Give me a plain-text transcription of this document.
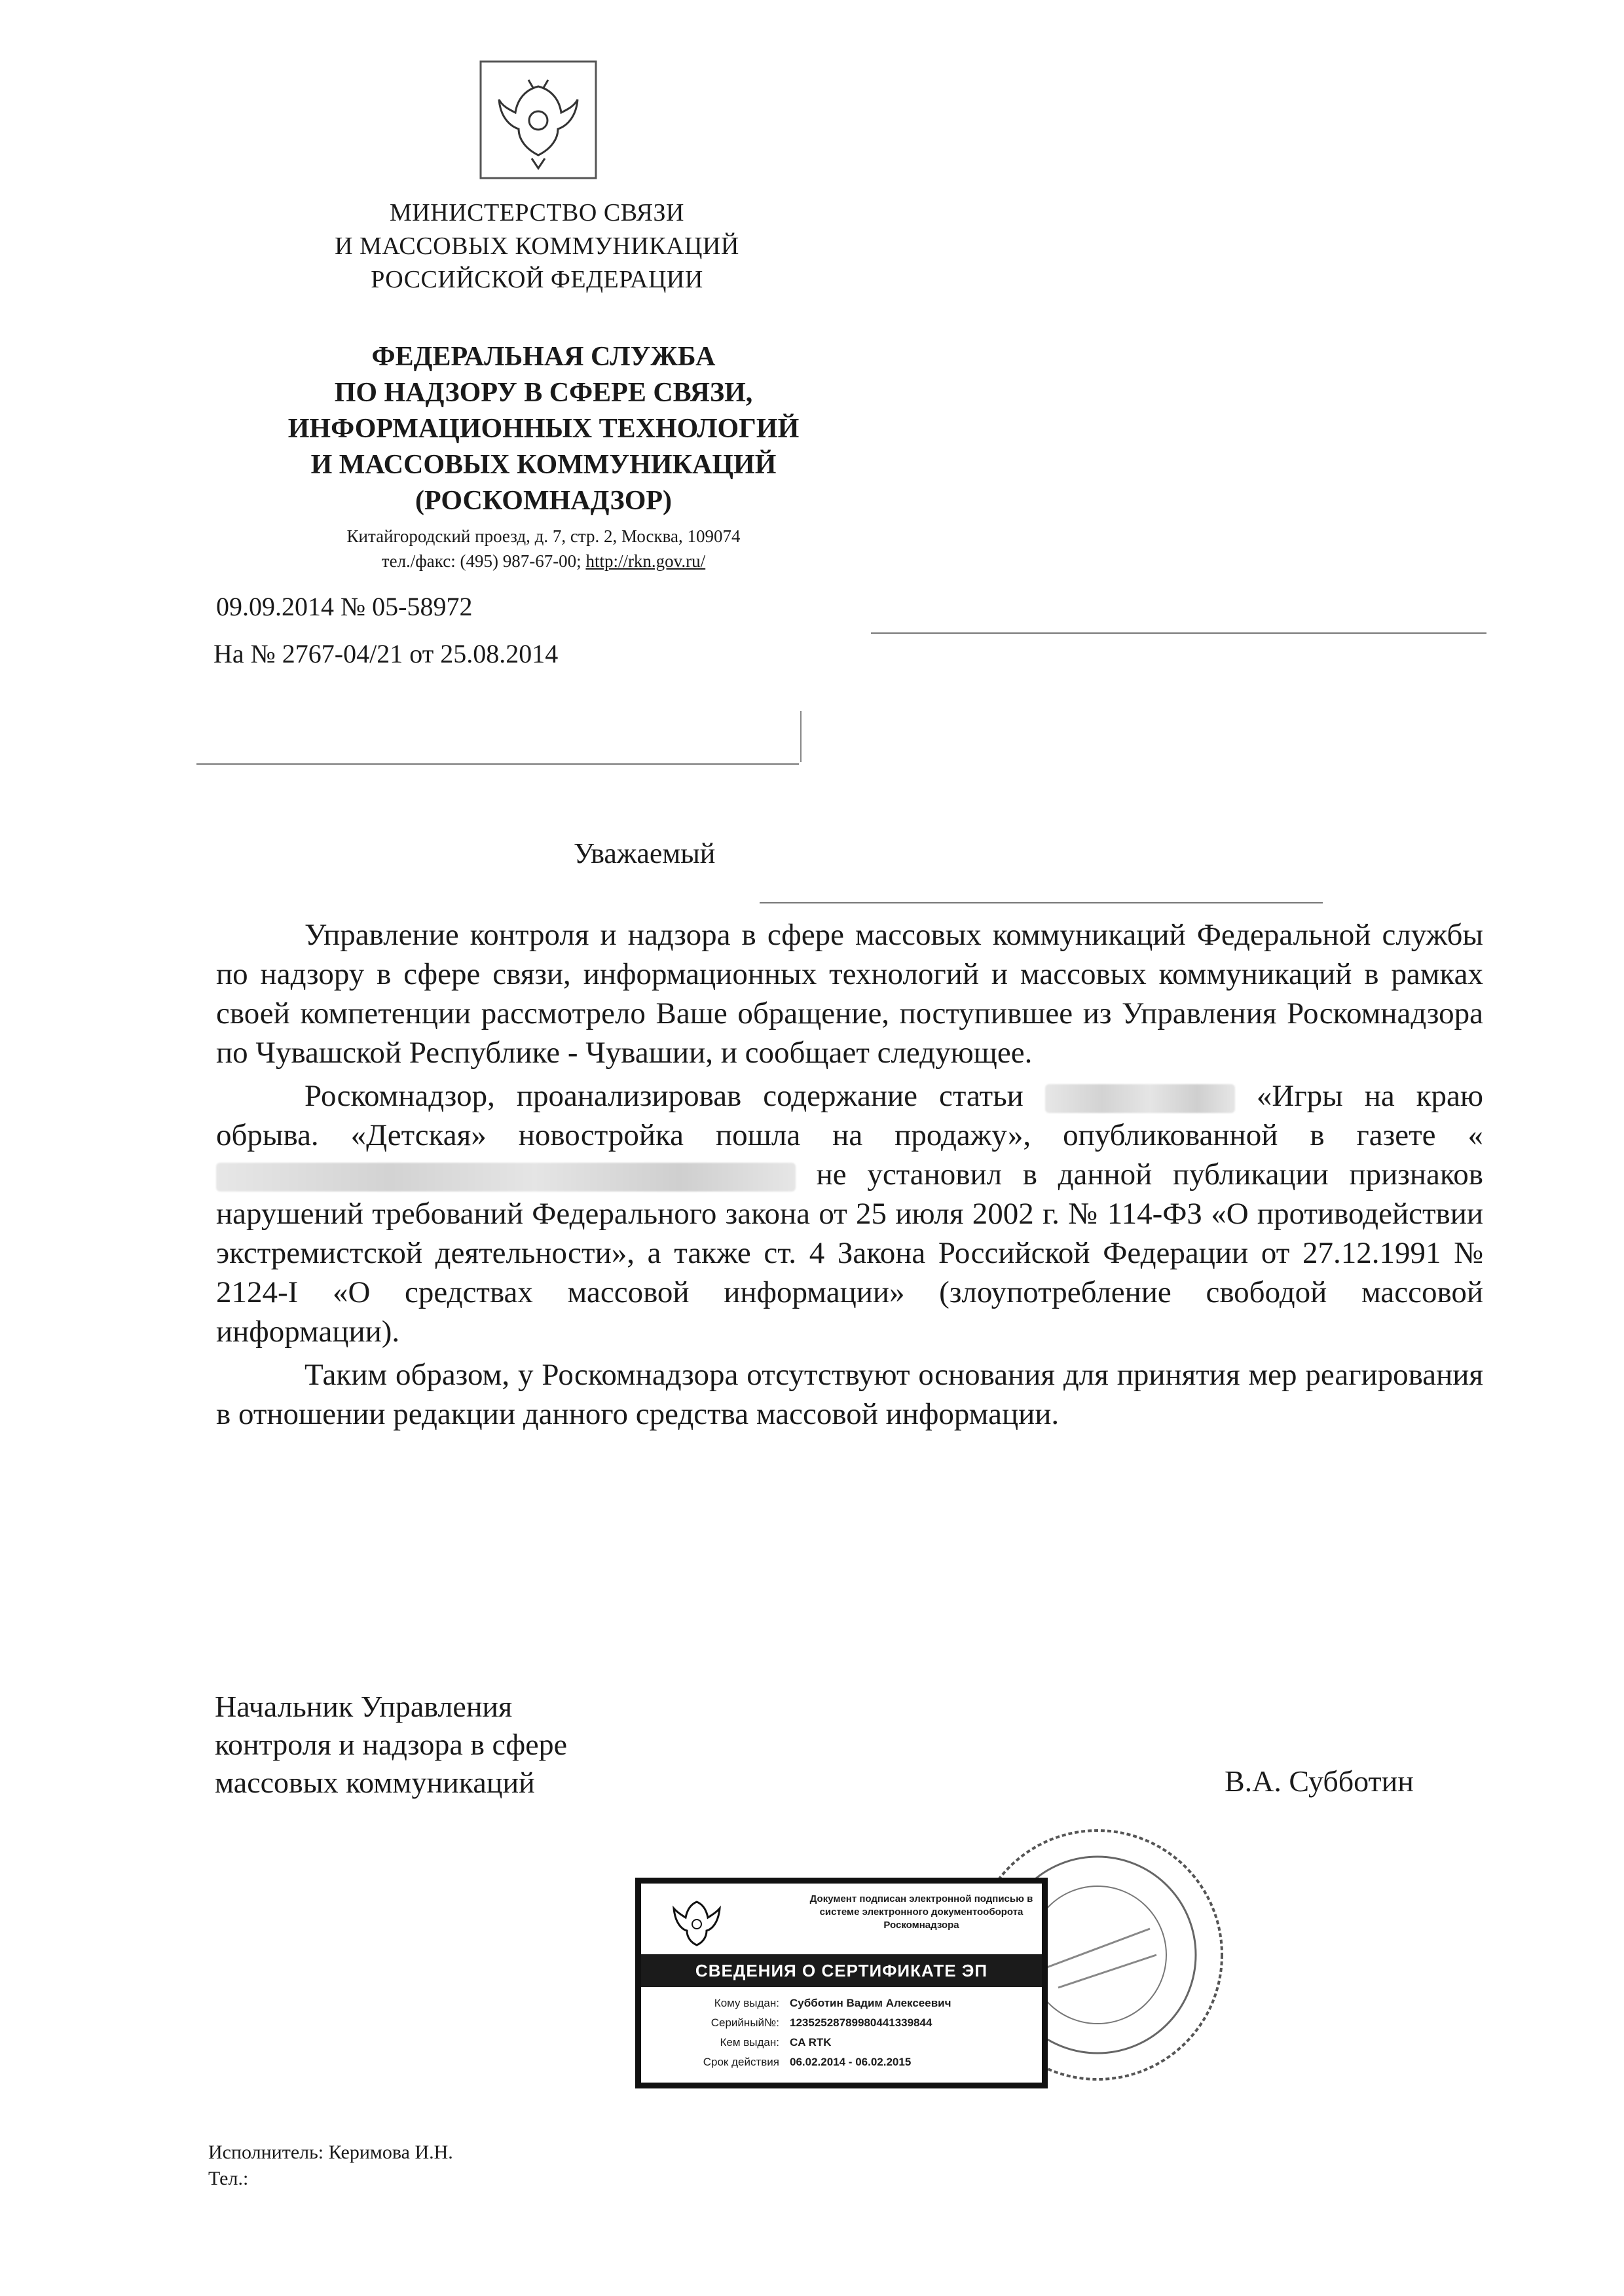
МИНИСТЕРСТВО СВЯЗИ
И МАССОВЫХ КОММУНИКАЦИЙ
РОССИЙСКОЙ ФЕДЕРАЦИИ
ФЕДЕРАЛЬНАЯ СЛУЖБА
ПО НАДЗОРУ В СФЕРЕ СВЯЗИ,
ИНФОРМАЦИОННЫХ ТЕХНОЛОГИЙ
И МАССОВЫХ КОММУНИКАЦИЙ
(РОСКОМНАДЗОР)
Китайгородский проезд, д. 7, стр. 2, Москва, 109074
тел./факс: (495) 987-67-00; http://rkn.gov.ru/
09.09.2014 № 05-58972
На № 2767-04/21 от 25.08.2014
Уважаемый

Управление контроля и надзора в сфере массовых коммуникаций Федеральной службы по надзору в сфере связи, информационных технологий и массовых коммуникаций в рамках своей компетенции рассмотрело Ваше обращение, поступившее из Управления Роскомнадзора по Чувашской Республике - Чувашии, и сообщает следующее.

Роскомнадзор, проанализировав содержание статьи	«Игры на краю обрыва. «Детская» новостройка пошла на продажу», опубликованной в газете « не установил в данной публикации признаков нарушений требований Федерального закона от 25 июля 2002 г. № 114-ФЗ «О противодействии экстремистской деятельности», а также ст. 4 Закона Российской Федерации от 27.12.1991 № 2124-I «О средствах массовой информации» (злоупотребление свободой массовой информации).

Таким образом, у Роскомнадзора отсутствуют основания для принятия мер реагирования в отношении редакции данного средства массовой информации.

Начальник Управления
контроля и надзора в сфере
массовых коммуникаций	В.А. Субботин
Документ подписан электронной подписью в системе электронного документооборота Роскомнадзора
СВЕДЕНИЯ О СЕРТИФИКАТЕ ЭП
Кому выдан: Субботин Вадим Алексеевич
Серийный№: 12352528789980441339844
Кем выдан: CA RTK
Срок действия 06.02.2014 - 06.02.2015
Исполнитель: Керимова И.Н.
Тел.:
